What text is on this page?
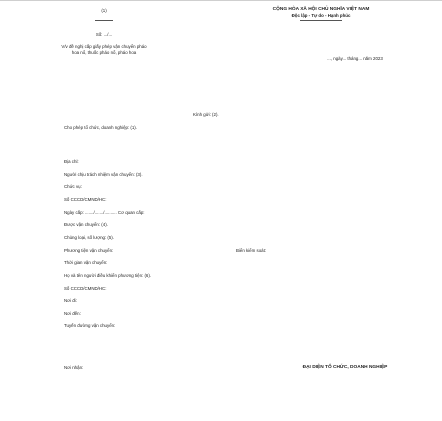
(1)
Số: .../...
V/v đề nghị cấp giấy phép vận chuyển pháo
hoa nổ, thuốc pháo nổ, pháo hoa
CỘNG HÒA XÃ HỘI CHỦ NGHĨA VIỆT NAM
Độc lập - Tự do - Hạnh phúc
..., ngày... tháng... năm 2023
Kính gửi: (2).
Cho phép tổ chức, doanh nghiệp: (1).
Địa chỉ:
Người chịu trách nhiệm vận chuyển: (3).
Chức vụ:
Số CCCD/CMND/HC:
Ngày cấp: ......./......./.......... Cơ quan cấp:
Được vận chuyển: (4).
Chủng loại, số lượng: (5).
Phương tiện vận chuyển:	Biển kiểm soát:
Thời gian vận chuyển:
Họ và tên người điều khiển phương tiện: (6).
Số CCCD/CMND/HC:
Nơi đi:
Nơi đến:
Tuyến đường vận chuyển:
Nơi nhận:	ĐẠI DIỆN TỔ CHỨC, DOANH NGHIỆP
